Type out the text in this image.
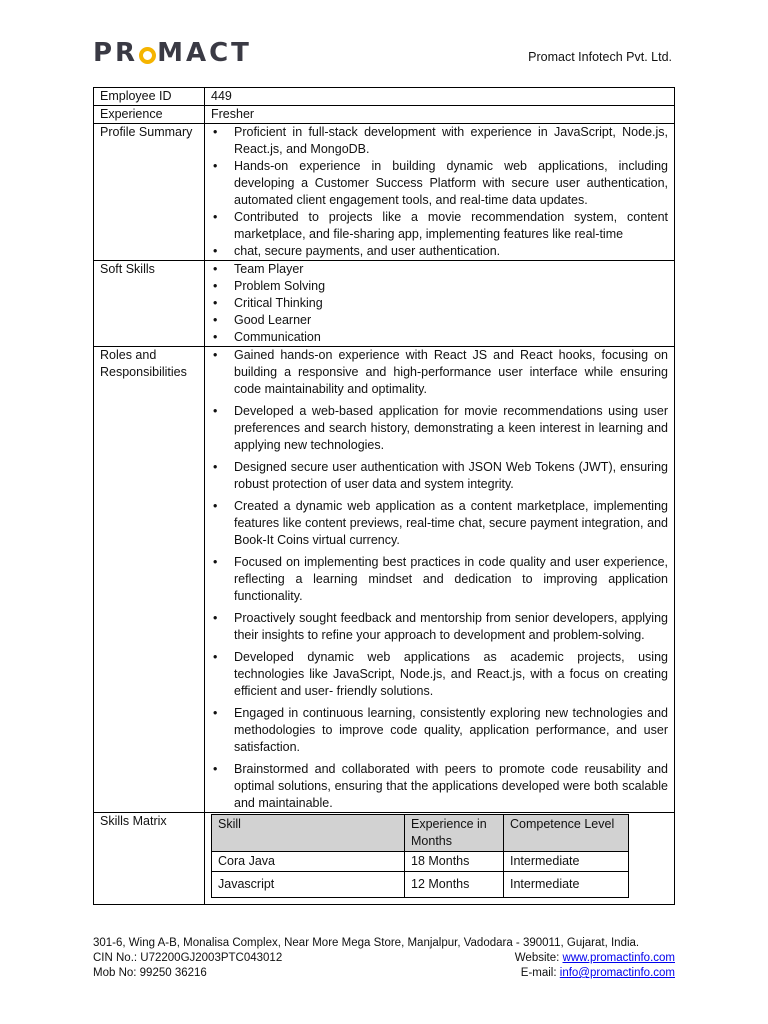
PR MACT	Promact Infotech Pvt. Ltd.
Employee ID	449
Experience	Fresher
Profile Summary	
•Proficient in full-stack development with experience in JavaScript, Node.js, React.js, and MongoDB.
• Hands-on experience in building dynamic web applications, including developing a Customer Success Platform with secure user authentication, automated client engagement tools, and real-time data updates.
• Contributed to projects like a movie recommendation system, content marketplace, and file-sharing app, implementing features like real-time
• chat, secure payments, and user authentication.

Soft Skills	
•Team Player
• Problem Solving
• Critical Thinking
• Good Learner
• Communication

Roles and Responsibilities	
• Gained hands-on experience with React JS and React hooks, focusing on building a responsive and high-performance user interface while ensuring code maintainability and optimality.
• Developed a web-based application for movie recommendations using user preferences and search history, demonstrating a keen interest in learning and applying new technologies.
• Designed secure user authentication with JSON Web Tokens (JWT), ensuring robust protection of user data and system integrity.
• Created a dynamic web application as a content marketplace, implementing features like content previews, real-time chat, secure payment integration, and Book-It Coins virtual currency.
• Focused on implementing best practices in code quality and user experience, reflecting a learning mindset and dedication to improving application functionality.
• Proactively sought feedback and mentorship from senior developers, applying their insights to refine your approach to development and problem-solving.
• Developed dynamic web applications as academic projects, using technologies like JavaScript, Node.js, and React.js, with a focus on creating efficient and user- friendly solutions.
• Engaged in continuous learning, consistently exploring new technologies and methodologies to improve code quality, application performance, and user satisfaction.
• Brainstormed and collaborated with peers to promote code reusability and optimal solutions, ensuring that the applications developed were both scalable and maintainable.

Skills Matrix		Skill	Experience in Months	Competence Level
Cora Java	18 Months	Intermediate
Javascript	12 Months	Intermediate
301-6, Wing A-B, Monalisa Complex, Near More Mega Store, Manjalpur, Vadodara - 390011, Gujarat, India.
CIN No.: U72200GJ2003PTC043012	Website: www.promactinfo.com
Mob No: 99250 36216	E-mail: info@promactinfo.com
